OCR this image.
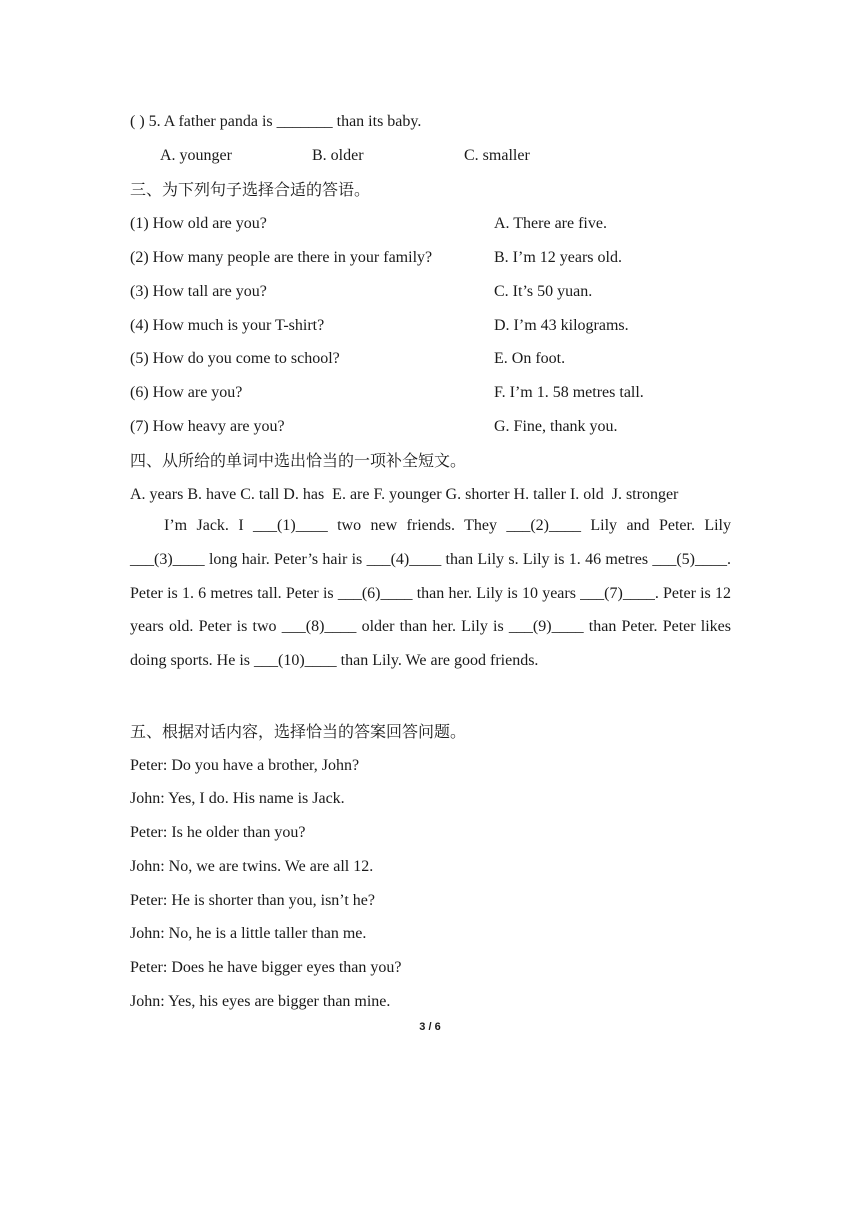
( ) 5. A father panda is _______ than its baby.
A. younger	B. older	C. smaller
三、为下列句子选择合适的答语。
(1) How old are you?	A. There are five.
(2) How many people are there in your family?	B. I’m 12 years old.
(3) How tall are you?	C. It’s 50 yuan.
(4) How much is your T-shirt?	D. I’m 43 kilograms.
(5) How do you come to school?	E. On foot.
(6) How are you?	F. I’m 1. 58 metres tall.
(7) How heavy are you?	G. Fine, thank you.
四、从所给的单词中选出恰当的一项补全短文。
A. years B. have C. tall D. has  E. are F. younger G. shorter H. taller I. old  J. stronger
I’m Jack. I ___(1)____ two new friends. They ___(2)____ Lily and Peter. Lily ___(3)____ long hair. Peter’s hair is ___(4)____ than Lily s. Lily is 1. 46 metres ___(5)____. Peter is 1. 6 metres tall. Peter is ___(6)____ than her. Lily is 10 years ___(7)____. Peter is 12 years old. Peter is two ___(8)____ older than her. Lily is ___(9)____ than Peter. Peter likes doing sports. He is ___(10)____ than Lily. We are good friends.
五、根据对话内容，选择恰当的答案回答问题。
Peter: Do you have a brother, John?
John: Yes, I do. His name is Jack.
Peter: Is he older than you?
John: No, we are twins. We are all 12.
Peter: He is shorter than you, isn’t he?
John: No, he is a little taller than me.
Peter: Does he have bigger eyes than you?
John: Yes, his eyes are bigger than mine.
3 / 6
